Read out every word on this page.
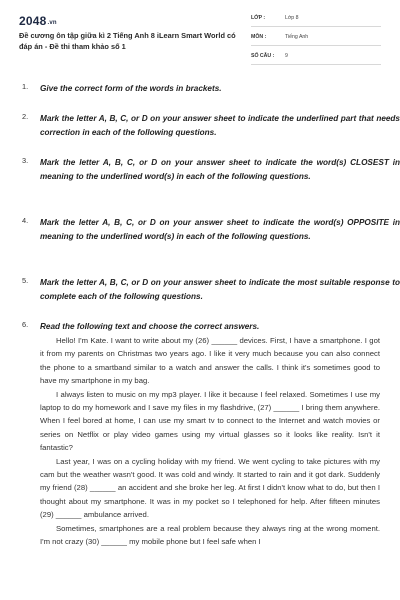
2048.vn
Đề cương ôn tập giữa kì 2 Tiếng Anh 8 iLearn Smart World có đáp án - Đề thi tham khảo số 1
LỚP :	Lớp 8
MÔN :	Tiếng Anh
SỐ CÂU : 9
1. Give the correct form of the words in brackets.
2. Mark the letter A, B, C, or D on your answer sheet to indicate the underlined part that needs correction in each of the following questions.
3. Mark the letter A, B, C, or D on your answer sheet to indicate the word(s) CLOSEST in meaning to the underlined word(s) in each of the following questions.
4. Mark the letter A, B, C, or D on your answer sheet to indicate the word(s) OPPOSITE in meaning to the underlined word(s) in each of the following questions.
5. Mark the letter A, B, C, or D on your answer sheet to indicate the most suitable response to complete each of the following questions.
6. Read the following text and choose the correct answers.

Hello! I'm Kate. I want to write about my (26) ______ devices. First, I have a smartphone. I got it from my parents on Christmas two years ago. I like it very much because you can also connect the phone to a smartband similar to a watch and answer the calls. I think it's sometimes good to have my smartphone in my bag.

I always listen to music on my mp3 player. I like it because I feel relaxed. Sometimes I use my laptop to do my homework and I save my files in my flashdrive, (27) ______ I bring them anywhere. When I feel bored at home, I can use my smart tv to connect to the Internet and watch movies or series on Netflix or play video games using my virtual glasses so it looks like reality. Isn't it fantastic?

Last year, I was on a cycling holiday with my friend. We went cycling to take pictures with my cam but the weather wasn't good. It was cold and windy. It started to rain and it got dark. Suddenly my friend (28) ______ an accident and she broke her leg. At first I didn't know what to do, but then I thought about my smartphone. It was in my pocket so I telephoned for help. After fifteen minutes (29) ______ ambulance arrived.

Sometimes, smartphones are a real problem because they always ring at the wrong moment. I'm not crazy (30) ______ my mobile phone but I feel safe when I
